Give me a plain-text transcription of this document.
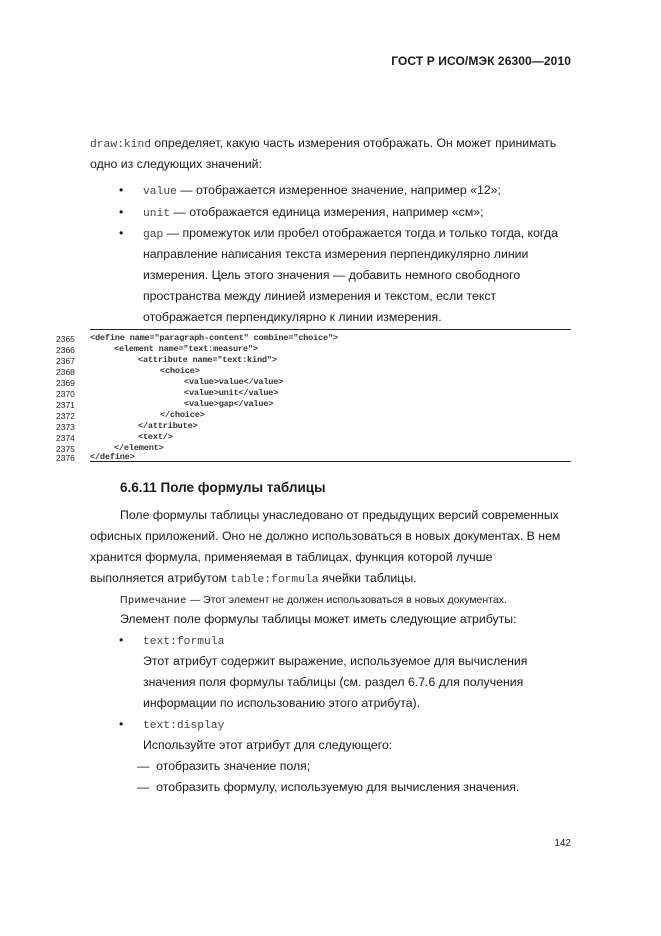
ГОСТ Р ИСО/МЭК 26300—2010
draw:kind определяет, какую часть измерения отображать. Он может принимать
одно из следующих значений:
• value — отображается измеренное значение, например «12»;
• unit — отображается единица измерения, например «см»;
• gap — промежуток или пробел отображается тогда и только тогда, когда
направление написания текста измерения перпендикулярно линии
измерения. Цель этого значения — добавить немного свободного
пространства между линией измерения и текстом, если текст
отображается перпендикулярно к линии измерения.
2365
2366
2367
2368
2369
2370
2371
2372
2373
2374
2375
2376
<define name="paragraph-content" combine="choice">
<element name="text:measure">
<attribute name="text:kind">
<choice>
<value>value</value>
<value>unit</value>
<value>gap</value>
</choice>
</attribute>
<text/>
</element>
</define>
6.6.11 Поле формулы таблицы
Поле формулы таблицы унаследовано от предыдущих версий современных
офисных приложений. Оно не должно использоваться в новых документах. В нем
хранится формула, применяемая в таблицах, функция которой лучше
выполняется атрибутом table:formula ячейки таблицы.
Примечание — Этот элемент не должен использоваться в новых документах.
Элемент поле формулы таблицы может иметь следующие атрибуты:
• text:formula
Этот атрибут содержит выражение, используемое для вычисления
значения поля формулы таблицы (см. раздел 6.7.6 для получения
информации по использованию этого атрибута).
• text:display
Используйте этот атрибут для следующего:
—  отобразить значение поля;
—  отобразить формулу, используемую для вычисления значения.
142
